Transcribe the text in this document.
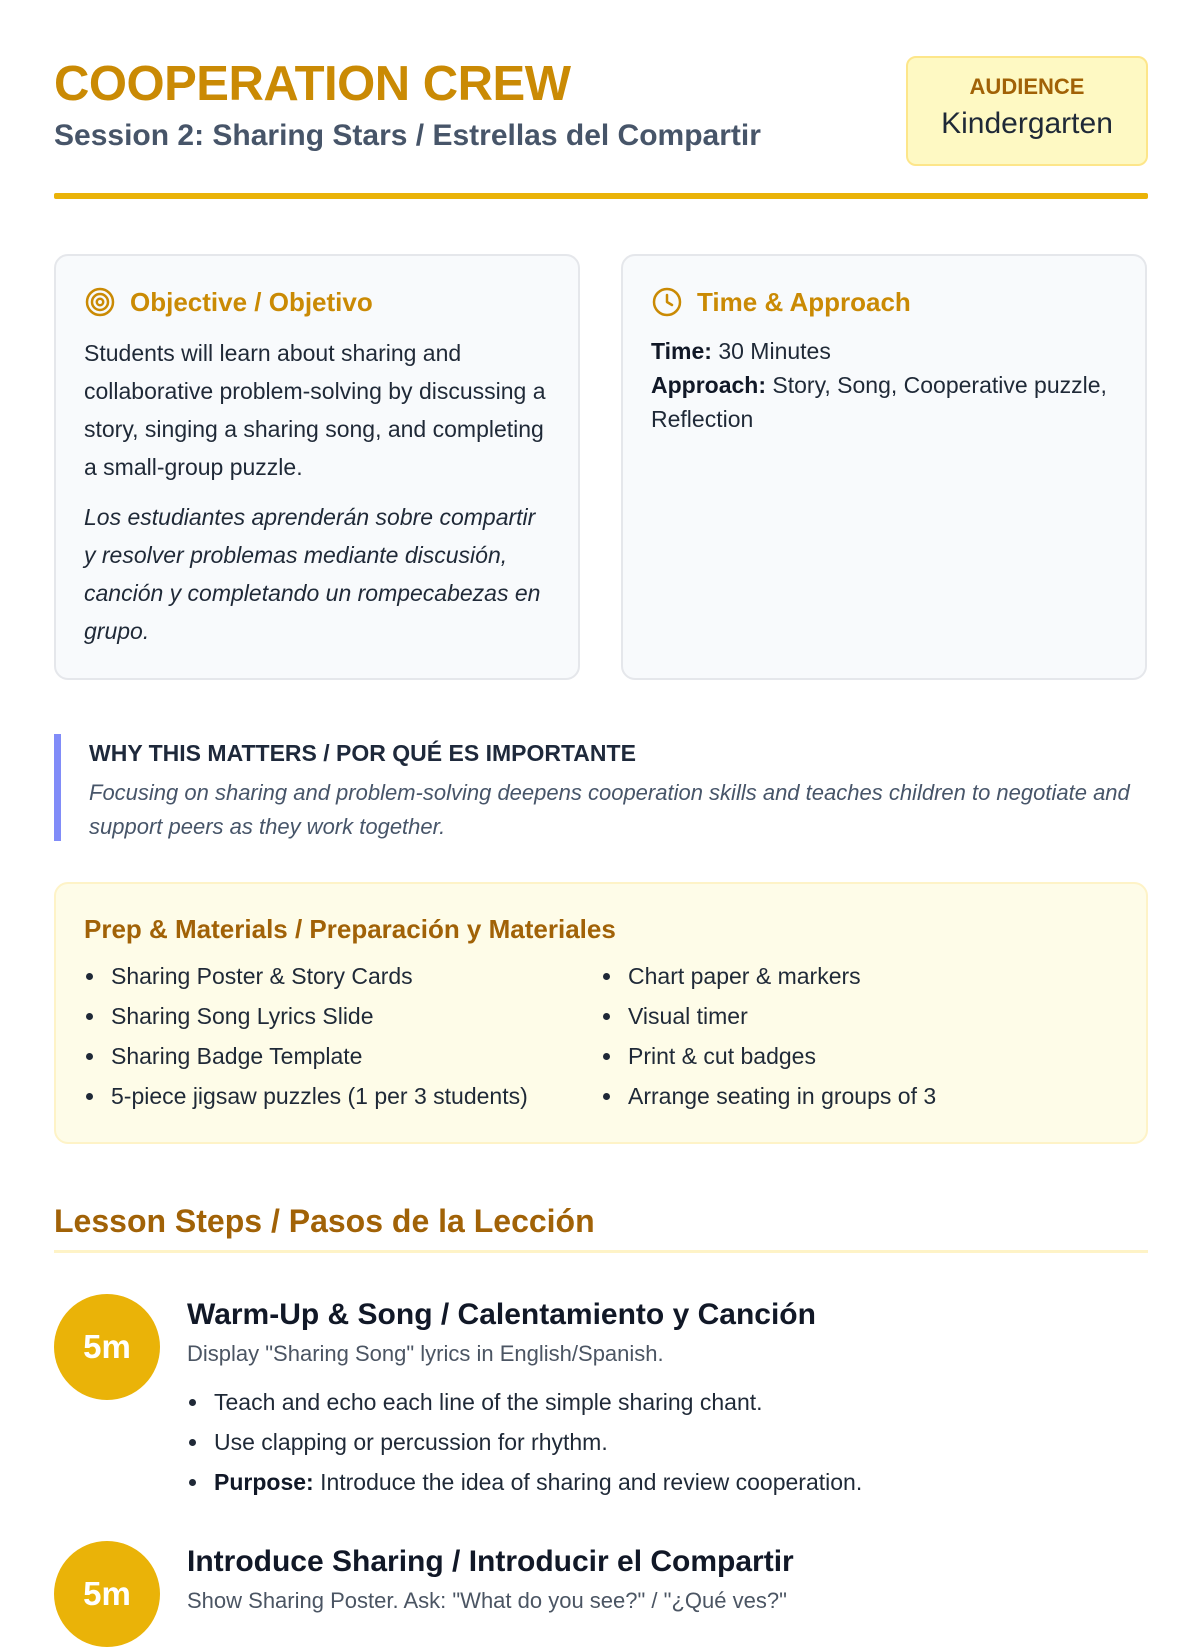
COOPERATION CREW
Session 2: Sharing Stars / Estrellas del Compartir
AUDIENCE
Kindergarten
Objective / Objetivo

Students will learn about sharing and collaborative problem-solving by discussing a story, singing a sharing song, and completing a small-group puzzle.

Los estudiantes aprenderán sobre compartir y resolver problemas mediante discusión, canción y completando un rompecabezas en grupo.

Time & Approach

Time: 30 Minutes

Approach: Story, Song, Cooperative puzzle, Reflection

WHY THIS MATTERS / POR QUÉ ES IMPORTANTE
Focusing on sharing and problem-solving deepens cooperation skills and teaches children to negotiate and support peers as they work together.
Prep & Materials / Preparación y Materiales
Sharing Poster & Story Cards
Sharing Song Lyrics Slide
Sharing Badge Template
5-piece jigsaw puzzles (1 per 3 students)
Chart paper & markers
Visual timer
Print & cut badges
Arrange seating in groups of 3
Lesson Steps / Pasos de la Lección
5m
Warm-Up & Song / Calentamiento y Canción
Display "Sharing Song" lyrics in English/Spanish.
Teach and echo each line of the simple sharing chant.
Use clapping or percussion for rhythm.
Purpose: Introduce the idea of sharing and review cooperation.
5m
Introduce Sharing / Introducir el Compartir
Show Sharing Poster. Ask: "What do you see?" / "¿Qué ves?"
